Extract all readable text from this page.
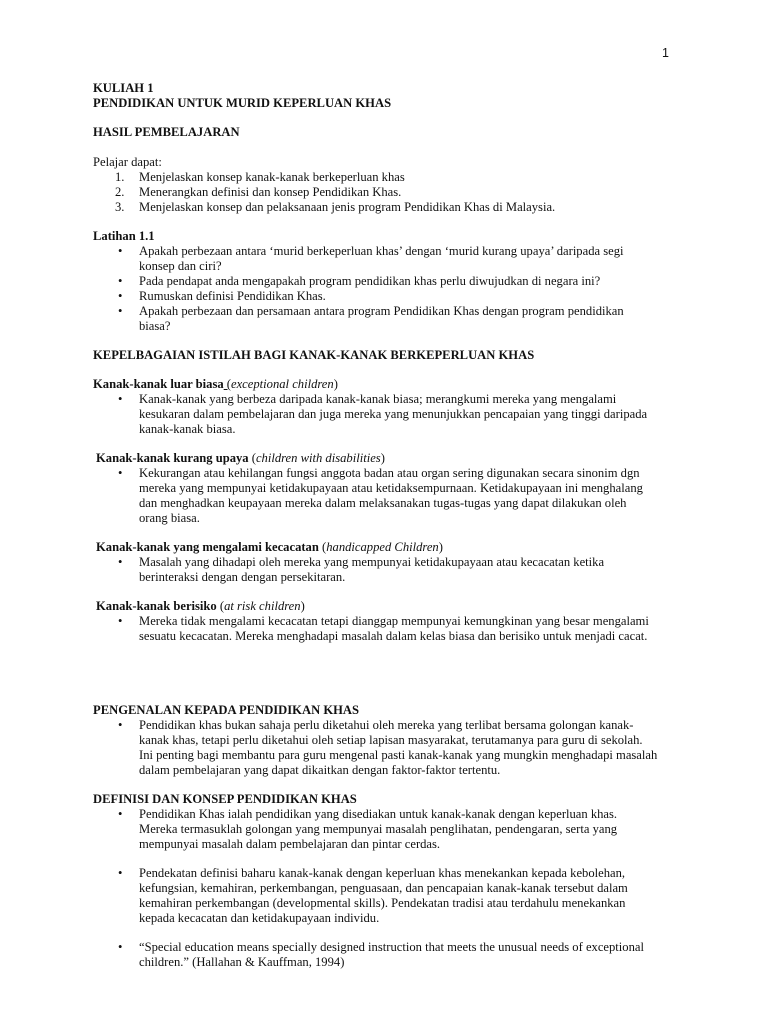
1
KULIAH 1
PENDIDIKAN UNTUK MURID KEPERLUAN KHAS
HASIL PEMBELAJARAN
Pelajar dapat:
1. Menjelaskan konsep kanak-kanak berkeperluan khas
2. Menerangkan definisi dan konsep Pendidikan Khas.
3. Menjelaskan konsep dan pelaksanaan jenis program Pendidikan Khas di Malaysia.
Latihan 1.1
• Apakah perbezaan antara ‘murid berkeperluan khas’ dengan ‘murid kurang upaya’ daripada segi
konsep dan ciri?
• Pada pendapat anda mengapakah program pendidikan khas perlu diwujudkan di negara ini?
• Rumuskan definisi Pendidikan Khas.
• Apakah perbezaan dan persamaan antara program Pendidikan Khas dengan program pendidikan
biasa?
KEPELBAGAIAN ISTILAH BAGI KANAK-KANAK BERKEPERLUAN KHAS
Kanak-kanak luar biasa (exceptional children)
• Kanak-kanak yang berbeza daripada kanak-kanak biasa; merangkumi mereka yang mengalami
kesukaran dalam pembelajaran dan juga mereka yang menunjukkan pencapaian yang tinggi daripada
kanak-kanak biasa.
Kanak-kanak kurang upaya (children with disabilities)
• Kekurangan atau kehilangan fungsi anggota badan atau organ sering digunakan secara sinonim dgn
mereka yang mempunyai ketidakupayaan atau ketidaksempurnaan. Ketidakupayaan ini menghalang
dan menghadkan keupayaan mereka dalam melaksanakan tugas-tugas yang dapat dilakukan oleh
orang biasa.
Kanak-kanak yang mengalami kecacatan (handicapped Children)
• Masalah yang dihadapi oleh mereka yang mempunyai ketidakupayaan atau kecacatan ketika
berinteraksi dengan dengan persekitaran.
Kanak-kanak berisiko (at risk children)
• Mereka tidak mengalami kecacatan tetapi dianggap mempunyai kemungkinan yang besar mengalami
sesuatu kecacatan. Mereka menghadapi masalah dalam kelas biasa dan berisiko untuk menjadi cacat.
PENGENALAN KEPADA PENDIDIKAN KHAS
• Pendidikan khas bukan sahaja perlu diketahui oleh mereka yang terlibat bersama golongan kanak-
kanak khas, tetapi perlu diketahui oleh setiap lapisan masyarakat, terutamanya para guru di sekolah.
Ini penting bagi membantu para guru mengenal pasti kanak-kanak yang mungkin menghadapi masalah
dalam pembelajaran yang dapat dikaitkan dengan faktor-faktor tertentu.
DEFINISI DAN KONSEP PENDIDIKAN KHAS
• Pendidikan Khas ialah pendidikan yang disediakan untuk kanak-kanak dengan keperluan khas.
Mereka termasuklah golongan yang mempunyai masalah penglihatan, pendengaran, serta yang
mempunyai masalah dalam pembelajaran dan pintar cerdas.
• Pendekatan definisi baharu kanak-kanak dengan keperluan khas menekankan kepada kebolehan,
kefungsian, kemahiran, perkembangan, penguasaan, dan pencapaian kanak-kanak tersebut dalam
kemahiran perkembangan (developmental skills). Pendekatan tradisi atau terdahulu menekankan
kepada kecacatan dan ketidakupayaan individu.
• “Special education means specially designed instruction that meets the unusual needs of exceptional
children.” (Hallahan & Kauffman, 1994)
